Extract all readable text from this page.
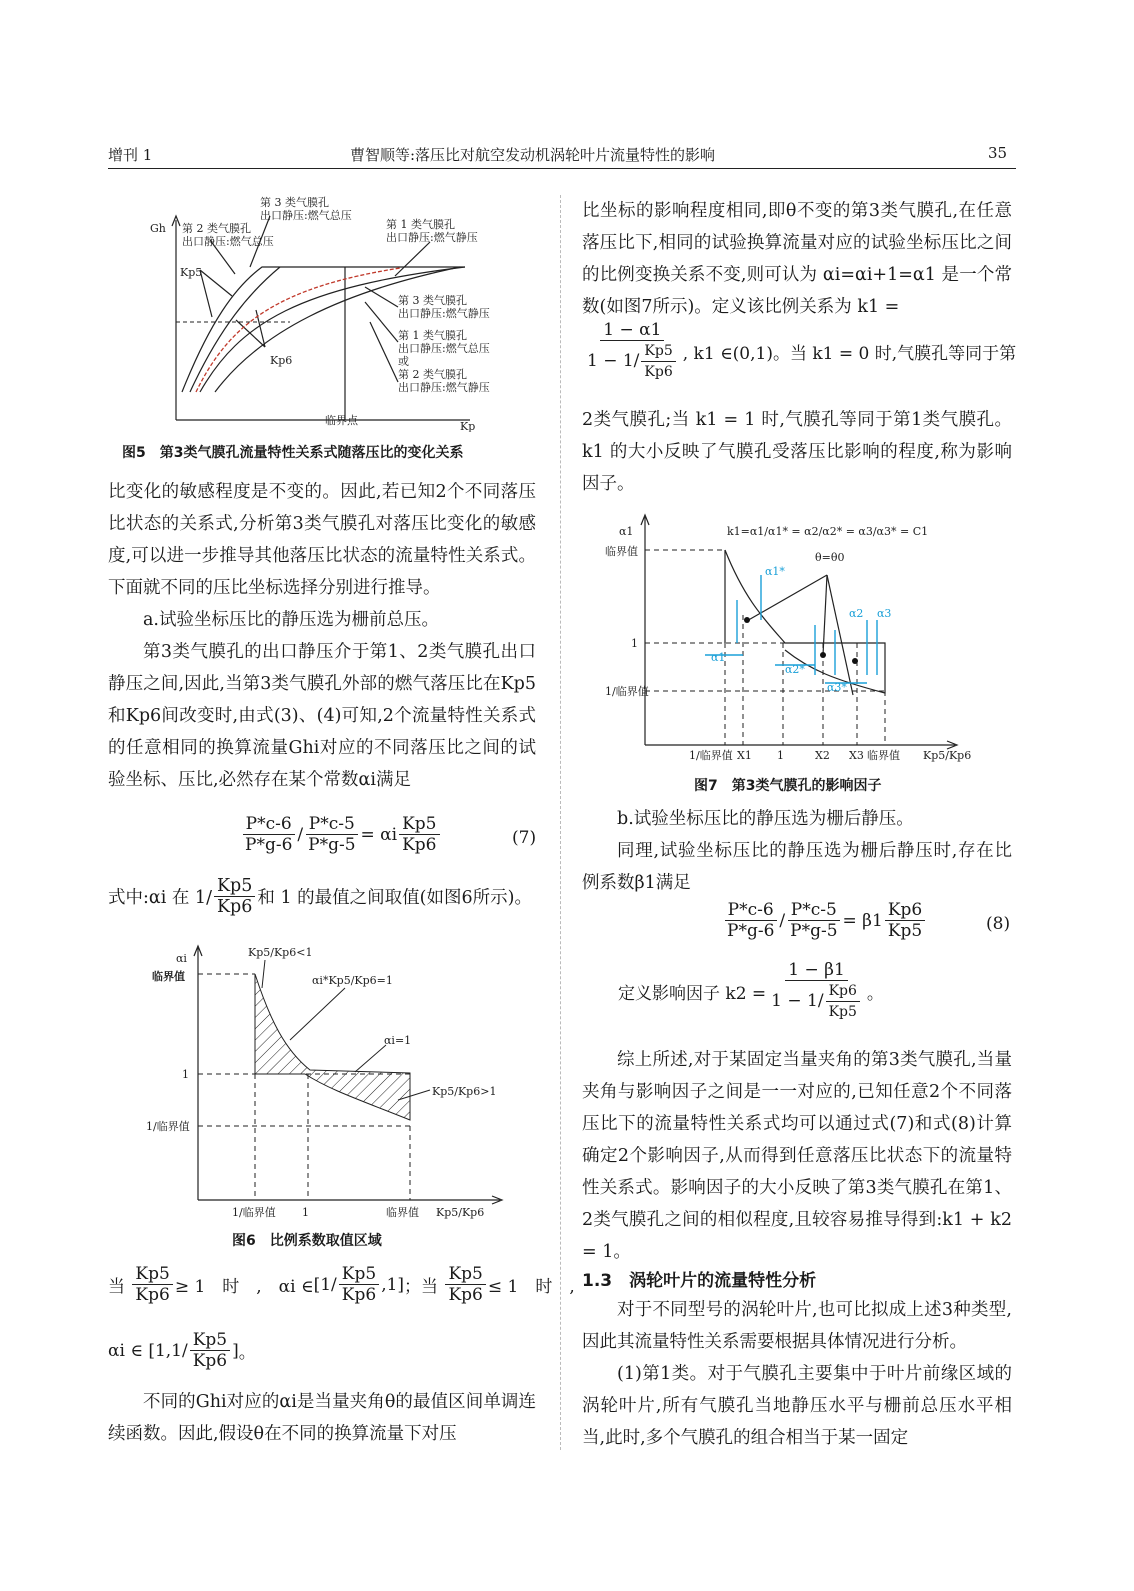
增刊 1	曹智顺等:落压比对航空发动机涡轮叶片流量特性的影响	35
Gh
Kp
临界点
Kp5
Kp6
第 2 类气膜孔
出口静压:燃气总压
第 3 类气膜孔
出口静压:燃气总压
第 1 类气膜孔
出口静压:燃气静压
第 3 类气膜孔
出口静压:燃气静压
第 1 类气膜孔
出口静压:燃气总压
或
第 2 类气膜孔
出口静压:燃气静压
图5　第3类气膜孔流量特性关系式随落压比的变化关系

比变化的敏感程度是不变的。因此,若已知2个不同落压比状态的关系式,分析第3类气膜孔对落压比变化的敏感度,可以进一步推导其他落压比状态的流量特性关系式。下面就不同的压比坐标选择分别进行推导。

a.试验坐标压比的静压选为栅前总压。

第3类气膜孔的出口静压介于第1、2类气膜孔出口静压之间,因此,当第3类气膜孔外部的燃气落压比在Kp5和Kp6间改变时,由式(3)、(4)可知,2个流量特性关系式的任意相同的换算流量Ghi对应的不同落压比之间的试验坐标、压比,必然存在某个常数αi满足

$\frac{P*c-6}{P*g-6} / \frac{P*c-5}{P*g-5}$ =
αi $\frac{Kp5}{Kp6}$	(7)
式中:αi 在 $1/ \frac{Kp5}{Kp6}$ 和 1 的最值之间取值(如图6所示)。
αi
临界值
1
1/临界值
1/临界值 1	临界值 Kp5/Kp6
Kp5/Kp6<1
αi*Kp5/Kp6=1
αi=1
Kp5/Kp6>1
图6　比例系数取值区域
当
$\frac{Kp5}{Kp6} \ge 1$　时　,　αi ∈ $[1/ \frac{Kp5}{Kp6} ,1]$ ；当
$\frac{Kp5}{Kp6} \le 1$　时　,
αi ∈
[$1,1/ \frac{Kp5}{Kp6}$ ] 。

不同的Ghi对应的αi是当量夹角θ的最值区间单调连续函数。因此,假设θ在不同的换算流量下对压

比坐标的影响程度相同,即θ不变的第3类气膜孔,在任意落压比下,相同的试验换算流量对应的试验坐标压比之间的比例变换关系不变,则可认为 αi=αi+1=α1 是一个常数(如图7所示)。定义该比例关系为 k1 =

$\frac{1 - \alpha 1}{1 - 1/ \frac{Kp5}{Kp6}}$ , k1 ∈(0,1)。当 k1 = 0 时,气膜孔等同于第

2类气膜孔;当 k1 = 1 时,气膜孔等同于第1类气膜孔。k1 的大小反映了气膜孔受落压比影响的程度,称为影响因子。

α1
临界值
1
1/临界值
k1=α1/α1* = α2/α2* = α3/α3* = C1
θ=θ0
α1*
α1
α2 α3
α2*
α3*
1/临界值 X1 1	X2 X3 临界值 Kp5/Kp6
图7　第3类气膜孔的影响因子

b.试验坐标压比的静压选为栅后静压。

同理,试验坐标压比的静压选为栅后静压时,存在比例系数β1满足

$\frac{P*c-6}{P*g-6} / \frac{P*c-5}{P*g-5}$ =
$\beta 1 \frac{Kp6}{Kp5}$	(8)
定义影响因子 $k2 = \frac{1 - \beta 1}{1 - 1/ \frac{Kp6}{Kp5}}$ 。

综上所述,对于某固定当量夹角的第3类气膜孔,当量夹角与影响因子之间是一一对应的,已知任意2个不同落压比下的流量特性关系式均可以通过式(7)和式(8)计算确定2个影响因子,从而得到任意落压比状态下的流量特性关系式。影响因子的大小反映了第3类气膜孔在第1、2类气膜孔之间的相似程度,且较容易推导得到:k1 + k2 = 1。

1.3　涡轮叶片的流量特性分析

对于不同型号的涡轮叶片,也可比拟成上述3种类型,因此其流量特性关系需要根据具体情况进行分析。

(1)第1类。对于气膜孔主要集中于叶片前缘区域的涡轮叶片,所有气膜孔当地静压水平与栅前总压水平相当,此时,多个气膜孔的组合相当于某一固定
